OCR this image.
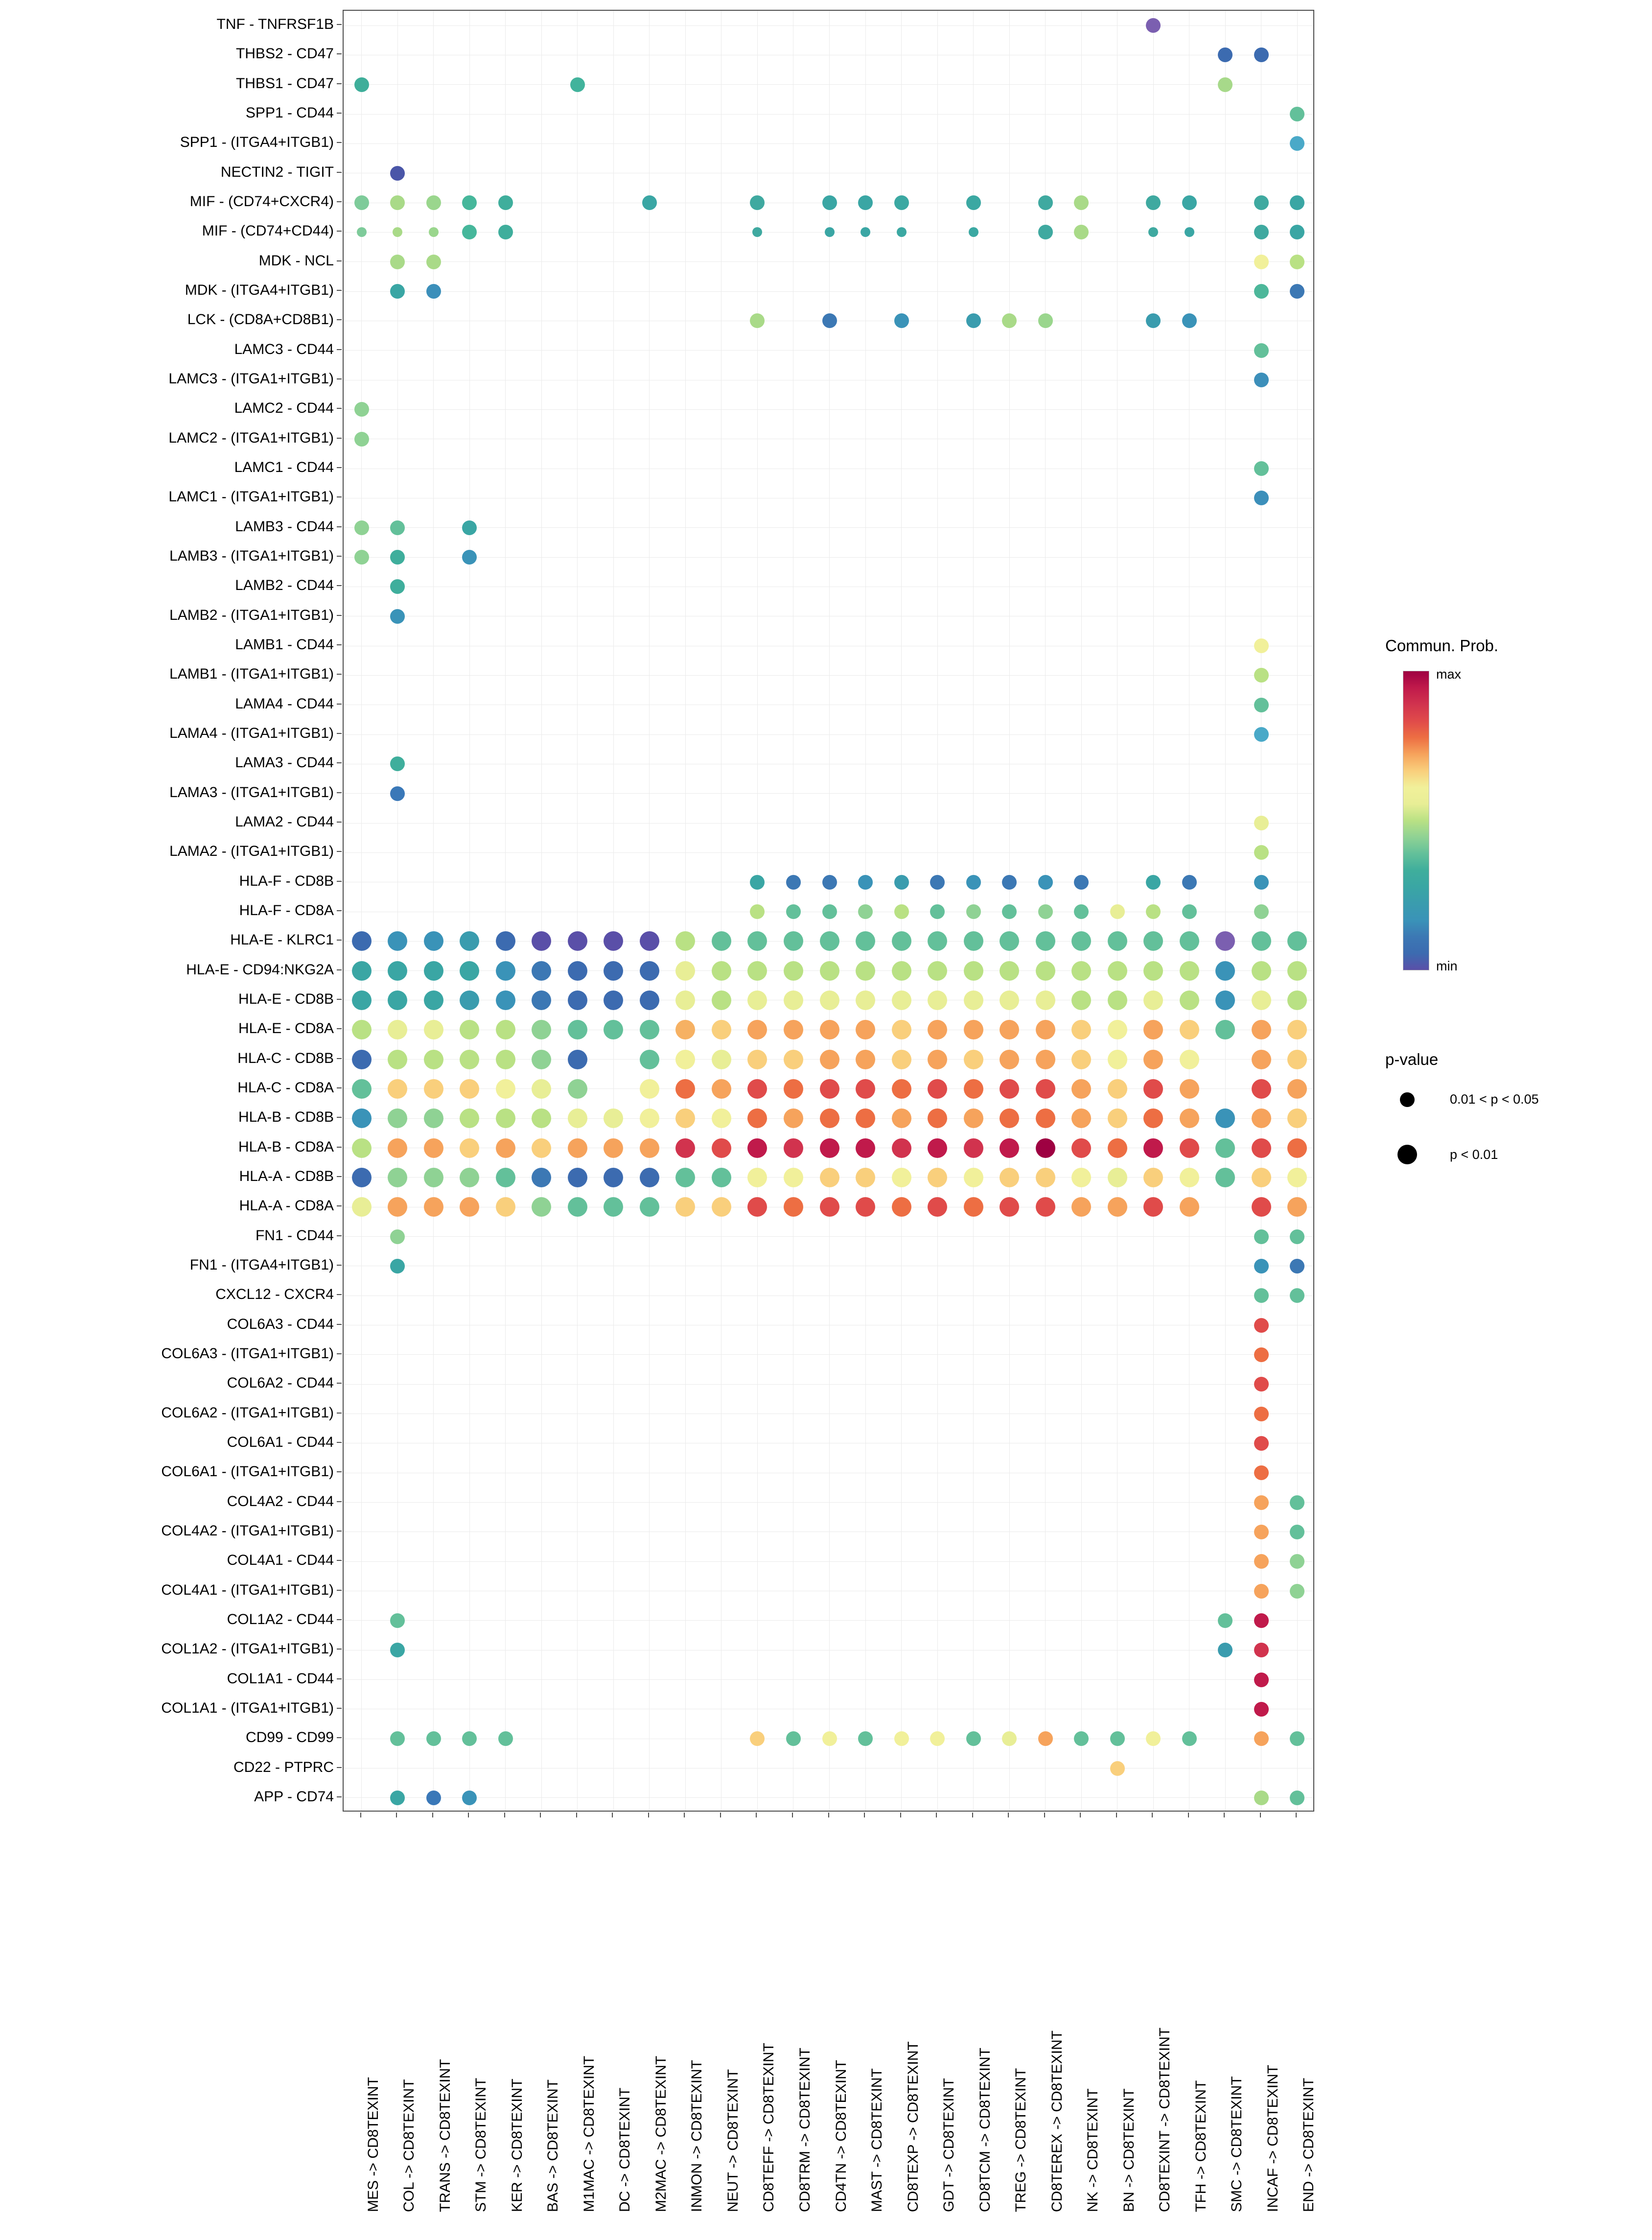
APP - CD74
CD22 - PTPRC
CD99 - CD99
COL1A1 - (ITGA1+ITGB1)
COL1A1 - CD44
COL1A2 - (ITGA1+ITGB1)
COL1A2 - CD44
COL4A1 - (ITGA1+ITGB1)
COL4A1 - CD44
COL4A2 - (ITGA1+ITGB1)
COL4A2 - CD44
COL6A1 - (ITGA1+ITGB1)
COL6A1 - CD44
COL6A2 - (ITGA1+ITGB1)
COL6A2 - CD44
COL6A3 - (ITGA1+ITGB1)
COL6A3 - CD44
CXCL12 - CXCR4
FN1 - (ITGA4+ITGB1)
FN1 - CD44
HLA-A - CD8A
HLA-A - CD8B
HLA-B - CD8A
HLA-B - CD8B
HLA-C - CD8A
HLA-C - CD8B
HLA-E - CD8A
HLA-E - CD8B
HLA-E - CD94:NKG2A
HLA-E - KLRC1
HLA-F - CD8A
HLA-F - CD8B
LAMA2 - (ITGA1+ITGB1)
LAMA2 - CD44
LAMA3 - (ITGA1+ITGB1)
LAMA3 - CD44
LAMA4 - (ITGA1+ITGB1)
LAMA4 - CD44
LAMB1 - (ITGA1+ITGB1)
LAMB1 - CD44
LAMB2 - (ITGA1+ITGB1)
LAMB2 - CD44
LAMB3 - (ITGA1+ITGB1)
LAMB3 - CD44
LAMC1 - (ITGA1+ITGB1)
LAMC1 - CD44
LAMC2 - (ITGA1+ITGB1)
LAMC2 - CD44
LAMC3 - (ITGA1+ITGB1)
LAMC3 - CD44
LCK - (CD8A+CD8B1)
MDK - (ITGA4+ITGB1)
MDK - NCL
MIF - (CD74+CD44)
MIF - (CD74+CXCR4)
NECTIN2 - TIGIT
SPP1 - (ITGA4+ITGB1)
SPP1 - CD44
THBS1 - CD47
THBS2 - CD47
TNF - TNFRSF1B
MES -> CD8TEXINT COL -> CD8TEXINT TRANS -> CD8TEXINT STM -> CD8TEXINT KER -> CD8TEXINT BAS -> CD8TEXINT M1MAC -> CD8TEXINT DC -> CD8TEXINT M2MAC -> CD8TEXINT INMON -> CD8TEXINT NEUT -> CD8TEXINT CD8TEFF -> CD8TEXINT CD8TRM -> CD8TEXINT CD4TN -> CD8TEXINT MAST -> CD8TEXINT CD8TEXP -> CD8TEXINT GDT -> CD8TEXINT CD8TCM -> CD8TEXINT TREG -> CD8TEXINT CD8TEREX -> CD8TEXINT NK -> CD8TEXINT BN -> CD8TEXINT CD8TEXINT -> CD8TEXINT TFH -> CD8TEXINT SMC -> CD8TEXINT INCAF -> CD8TEXINT END -> CD8TEXINT
Commun. Prob.
max
min
p-value
0.01 < p < 0.05
p < 0.01
